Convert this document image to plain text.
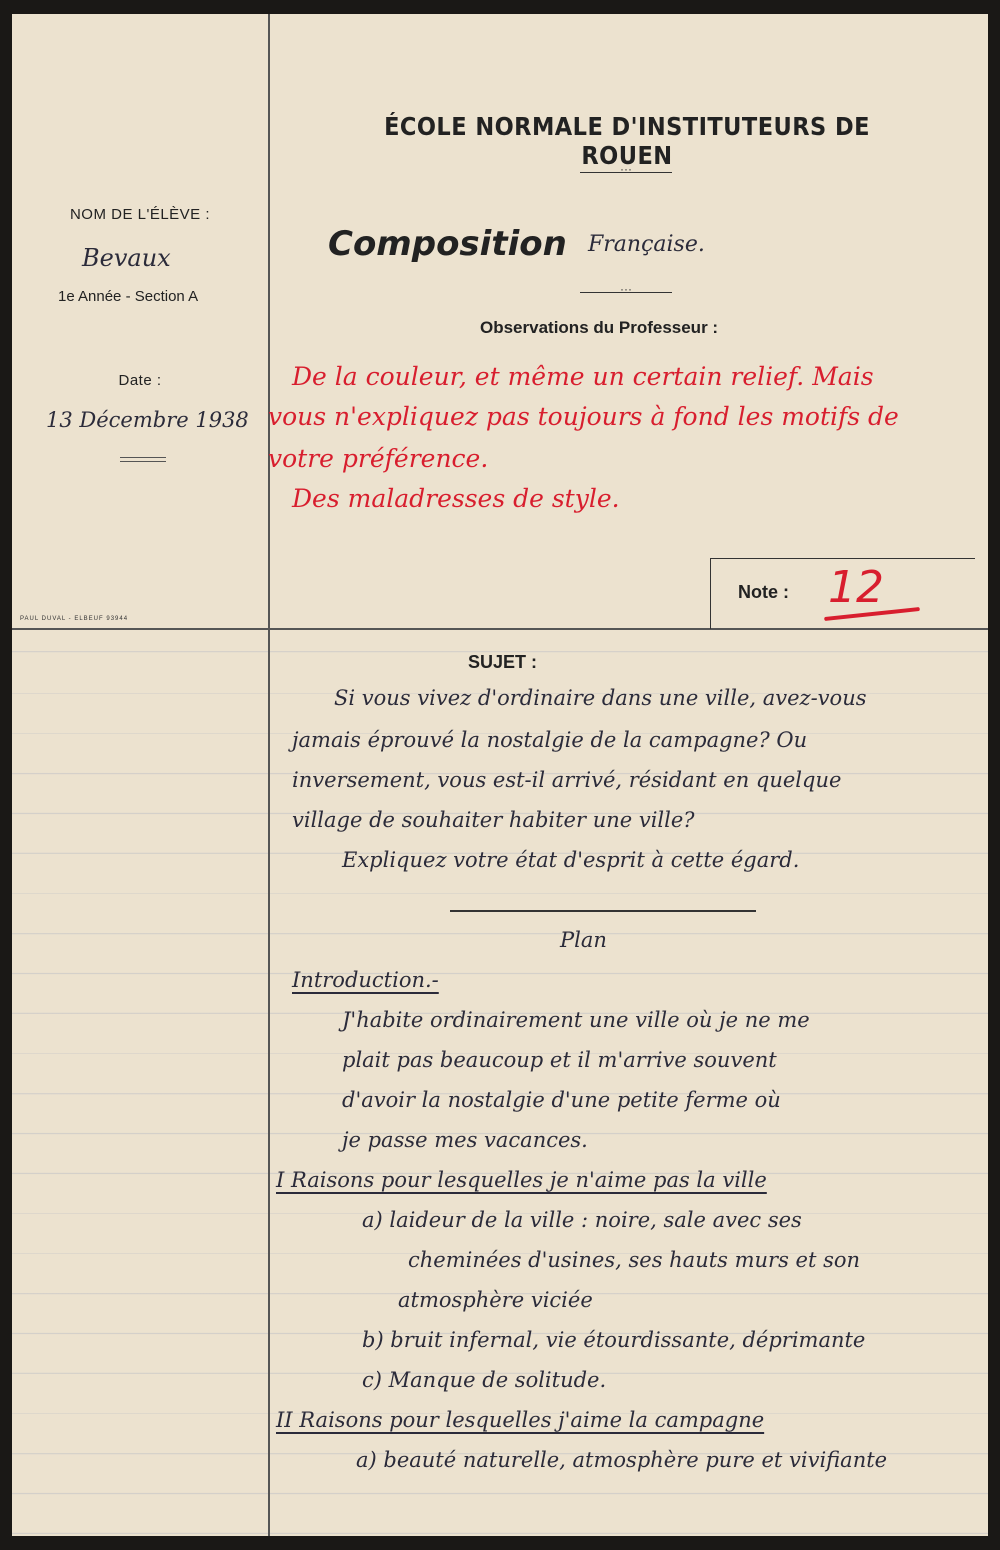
NOM DE L'ÉLÈVE :
Bevaux
1e Année - Section A
Date :
13 Décembre 1938
PAUL DUVAL - ELBEUF 93944
ÉCOLE NORMALE D'INSTITUTEURS DE ROUEN
···
Composition Française.
···
Observations du Professeur :
De la couleur, et même un certain relief. Mais
vous n'expliquez pas toujours à fond les motifs de
votre préférence.
Des maladresses de style.
Note : 12
SUJET :
Si vous vivez d'ordinaire dans une ville, avez-vous
jamais éprouvé la nostalgie de la campagne? Ou
inversement, vous est-il arrivé, résidant en quelque
village de souhaiter habiter une ville?
Expliquez votre état d'esprit à cette égard.
Plan
Introduction.-
J'habite ordinairement une ville où je ne me
plait pas beaucoup et il m'arrive souvent
d'avoir la nostalgie d'une petite ferme où
je passe mes vacances.
I Raisons pour lesquelles je n'aime pas la ville
a) laideur de la ville : noire, sale avec ses
cheminées d'usines, ses hauts murs et son
atmosphère viciée
b) bruit infernal, vie étourdissante, déprimante
c) Manque de solitude.
II Raisons pour lesquelles j'aime la campagne
a) beauté naturelle, atmosphère pure et vivifiante
